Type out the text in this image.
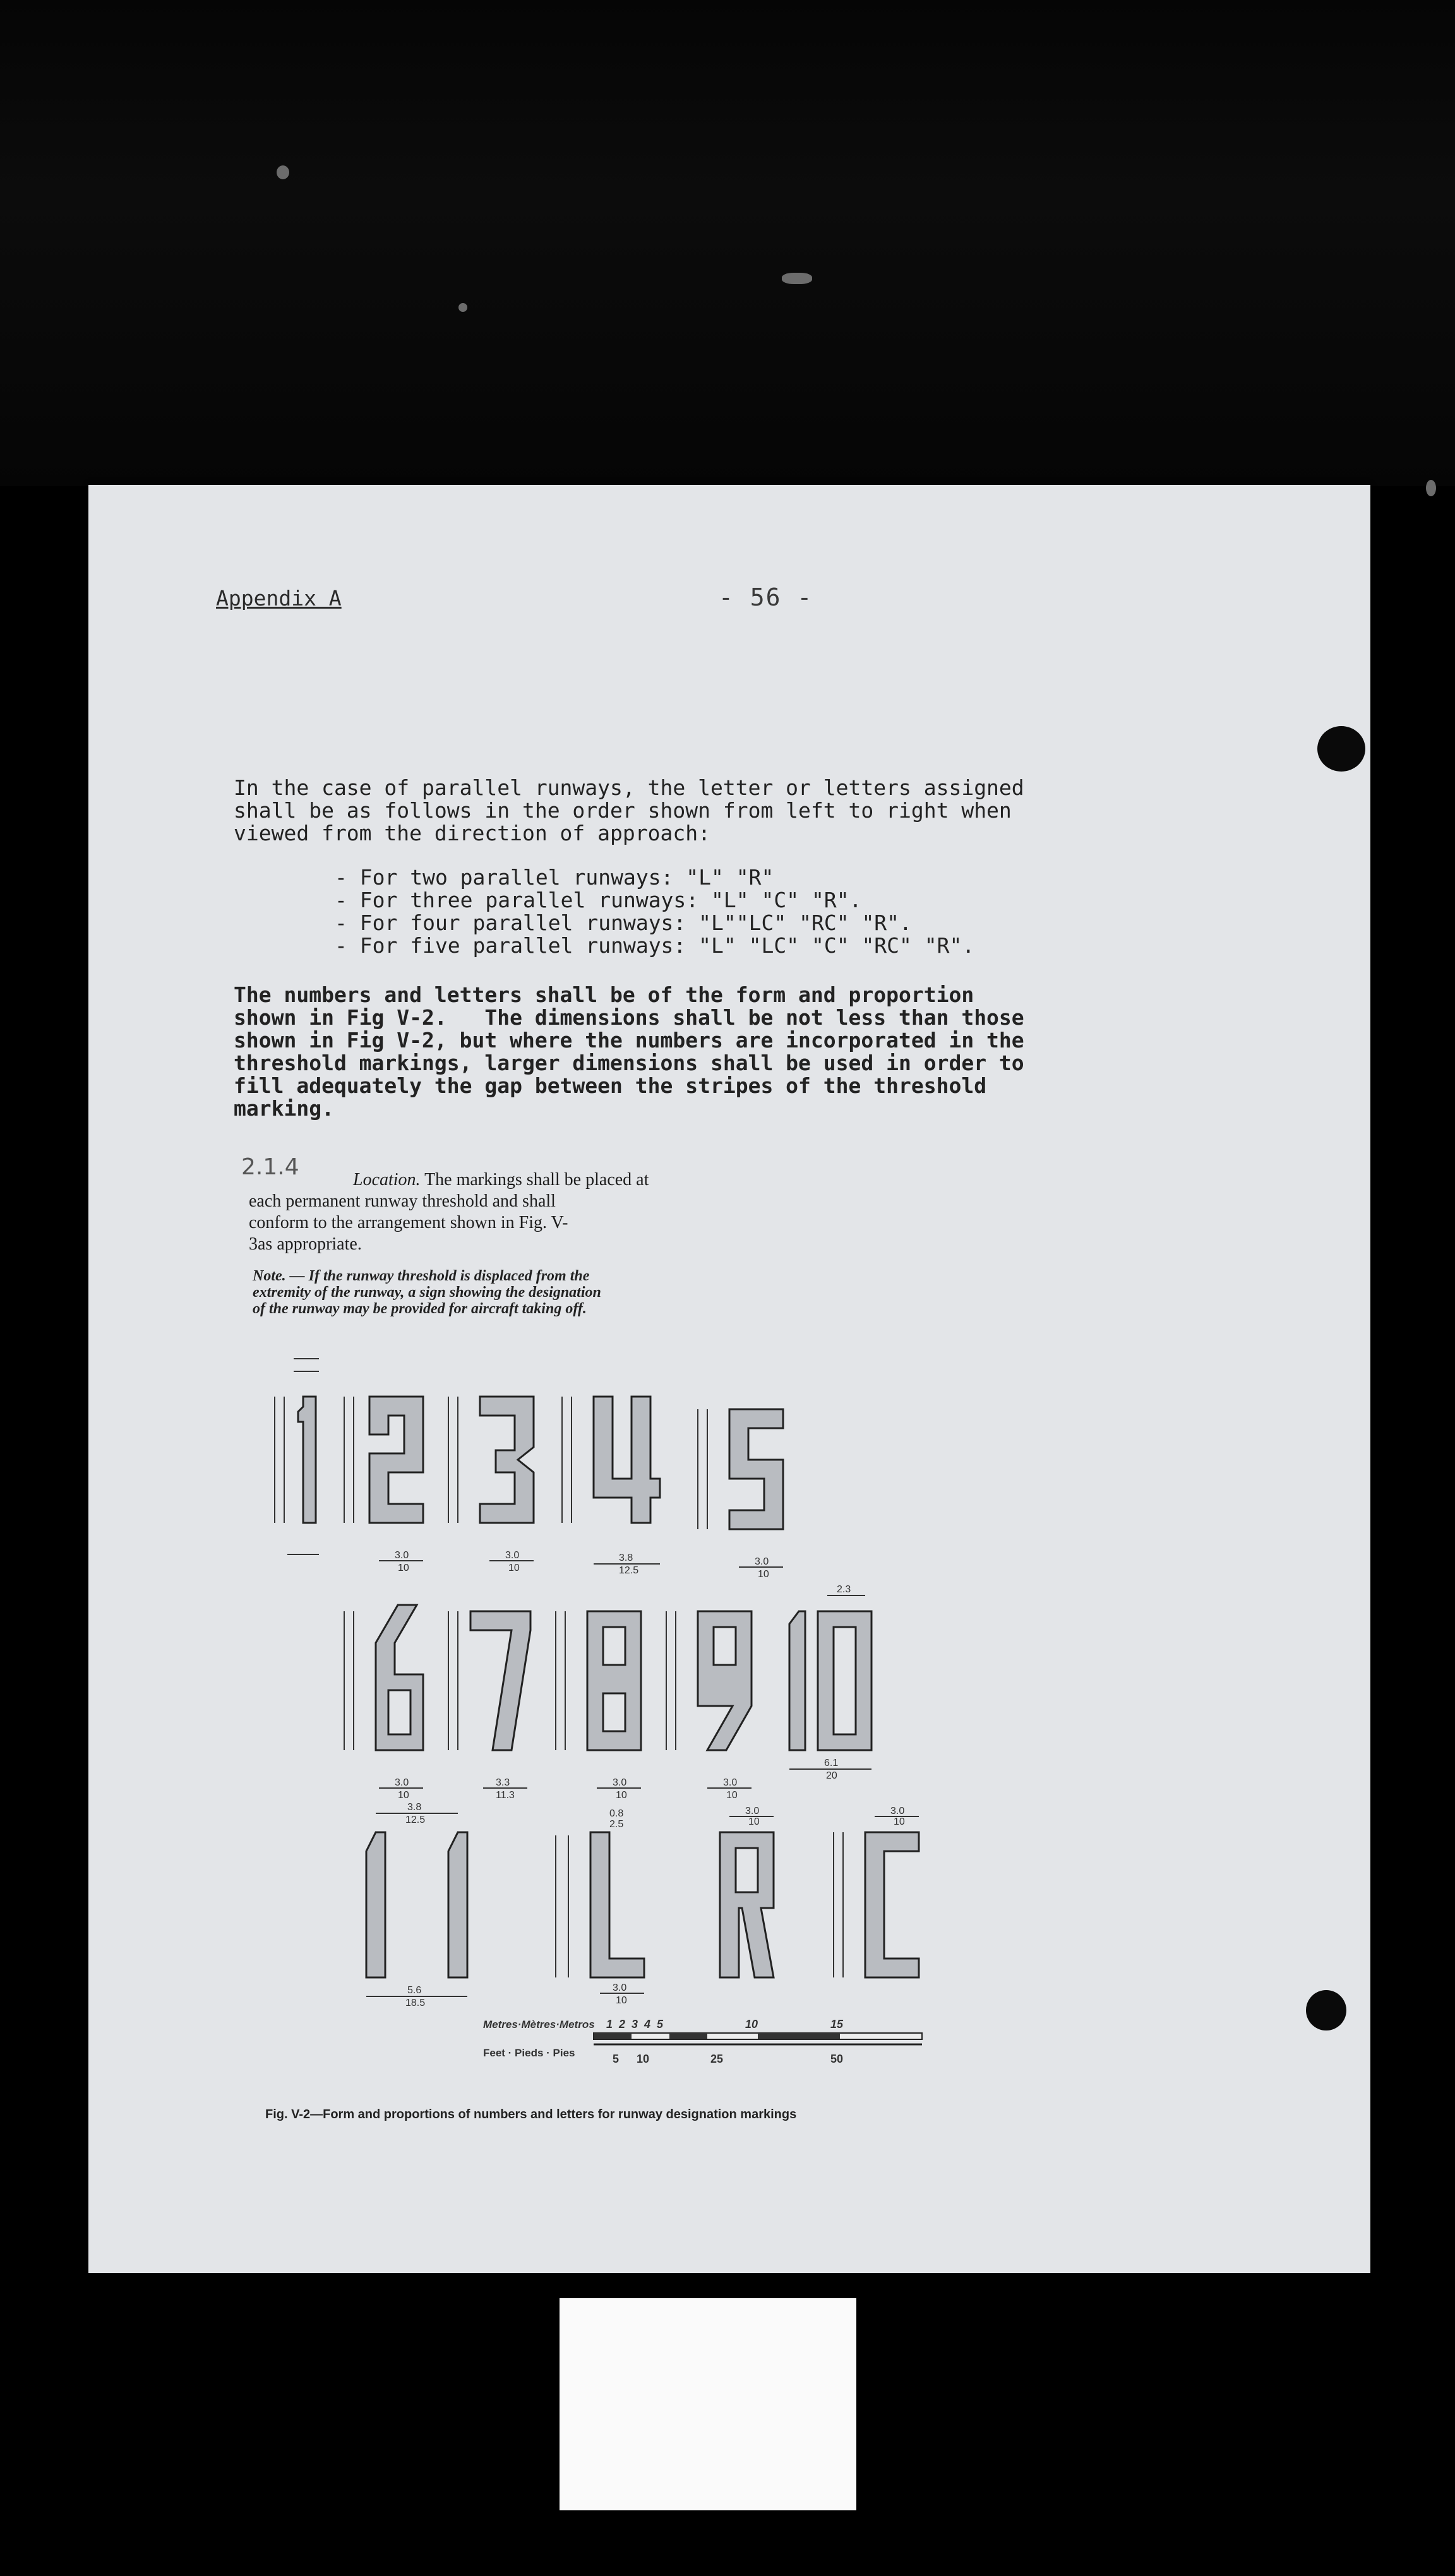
Appendix A	- 56 -
In the case of parallel runways, the letter or letters assigned
shall be as follows in the order shown from left to right when
viewed from the direction of approach:
- For two parallel runways: "L" "R"
- For three parallel runways: "L" "C" "R".
- For four parallel runways: "L""LC" "RC" "R".
- For five parallel runways: "L" "LC" "C" "RC" "R".
The numbers and letters shall be of the form and proportion
shown in Fig V-2.   The dimensions shall be not less than those
shown in Fig V-2, but where the numbers are incorporated in the
threshold markings, larger dimensions shall be used in order to
fill adequately the gap between the stripes of the threshold
marking.
2.1.4	Location. The markings shall be placed at
each permanent runway threshold and shall conform to the arrangement shown in Fig. V-3as appropriate.
Note. — If the runway threshold is displaced from the extremity of the runway, a sign showing the designation of the runway may be provided for aircraft taking off.
3.0
10
3.0
10
3.8
12.5
3.0
10
3.0
10
3.3
11.3
3.0
10
3.0
10
2.3
6.1
20
3.8
12.5
5.6
18.5
3.0
10
0.8
2.5
3.0
10
3.0
10
1 2 3 4 5	10	15
5 10	25	50
Metres·Mètres·Metros
Feet · Pieds · Pies
Fig. V-2—Form and proportions of numbers and letters for runway designation markings
